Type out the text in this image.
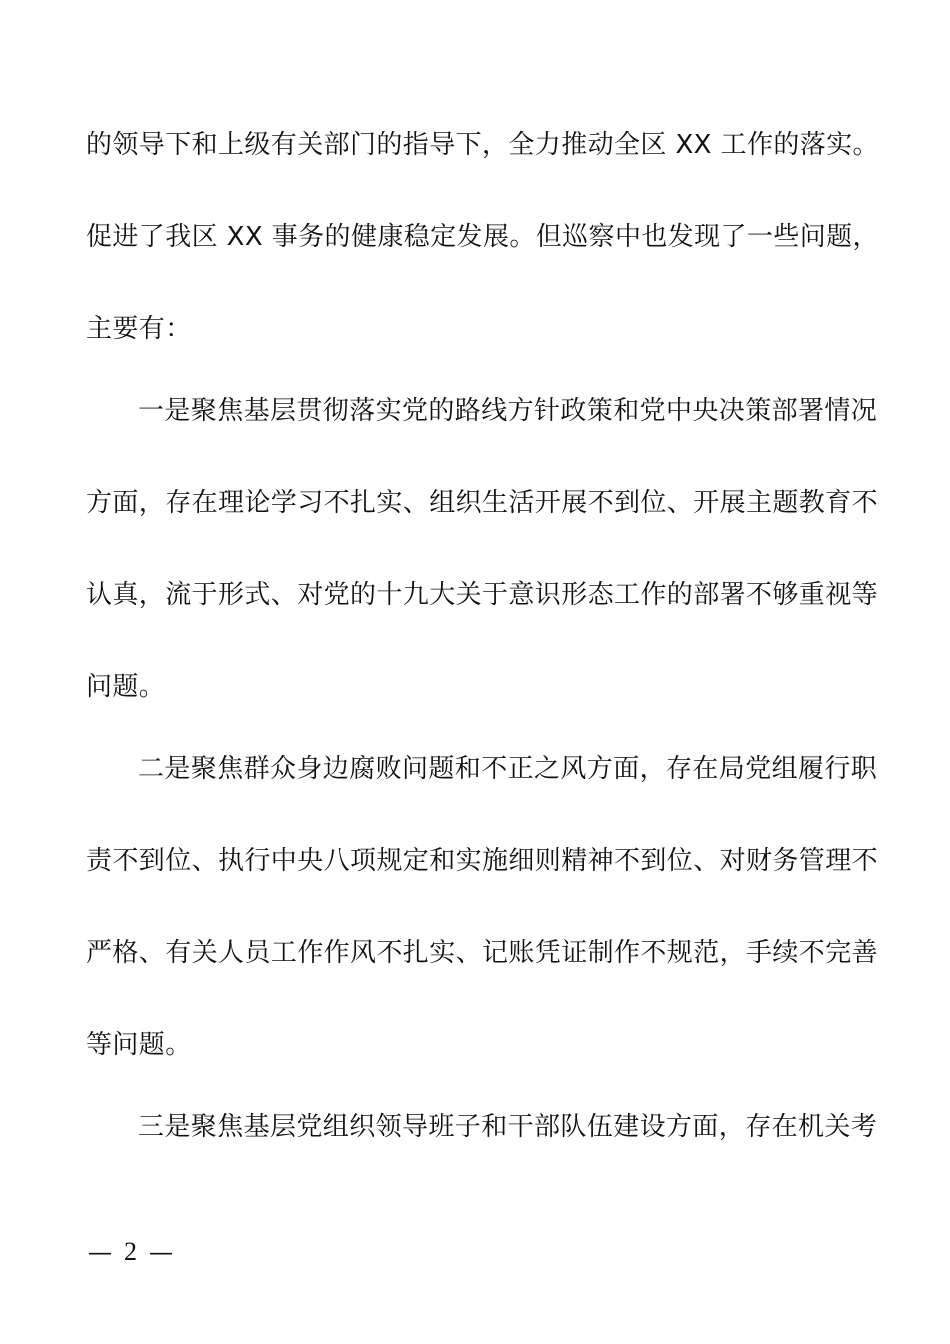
的领导下和上级有关部门的指导下，全力推动全区 XX 工作的落实。
促进了我区 XX 事务的健康稳定发展。但巡察中也发现了一些问题，
主要有：
一是聚焦基层贯彻落实党的路线方针政策和党中央决策部署情况
方面，存在理论学习不扎实、组织生活开展不到位、开展主题教育不
认真，流于形式、对党的十九大关于意识形态工作的部署不够重视等
问题。
二是聚焦群众身边腐败问题和不正之风方面，存在局党组履行职
责不到位、执行中央八项规定和实施细则精神不到位、对财务管理不
严格、有关人员工作作风不扎实、记账凭证制作不规范，手续不完善
等问题。
三是聚焦基层党组织领导班子和干部队伍建设方面，存在机关考
— 2 —
